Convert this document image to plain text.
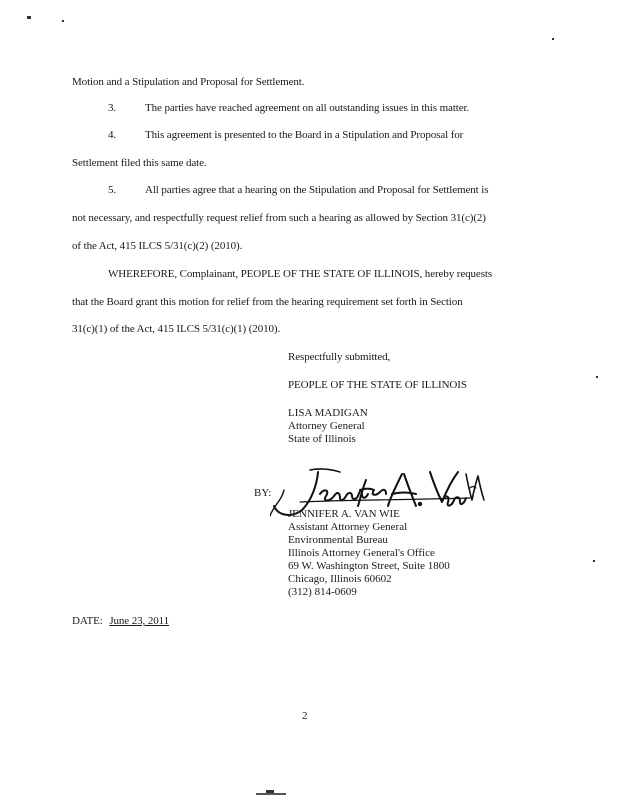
Motion and a Stipulation and Proposal for Settlement.
3.	The parties have reached agreement on all outstanding issues in this matter.
4.	This agreement is presented to the Board in a Stipulation and Proposal for
Settlement filed this same date.
5.	All parties agree that a hearing on the Stipulation and Proposal for Settlement is
not necessary, and respectfully request relief from such a hearing as allowed by Section 31(c)(2)
of the Act, 415 ILCS 5/31(c)(2) (2010).
WHEREFORE, Complainant, PEOPLE OF THE STATE OF ILLINOIS, hereby requests
that the Board grant this motion for relief from the hearing requirement set forth in Section
31(c)(1) of the Act, 415 ILCS 5/31(c)(1) (2010).
Respectfully submitted,
PEOPLE OF THE STATE OF ILLINOIS
LISA MADIGAN
Attorney General
State of Illinois
BY:
JENNIFER A. VAN WIE
Assistant Attorney General
Environmental Bureau
Illinois Attorney General's Office
69 W. Washington Street, Suite 1800
Chicago, Illinois 60602
(312) 814-0609
DATE: June 23, 2011
2
